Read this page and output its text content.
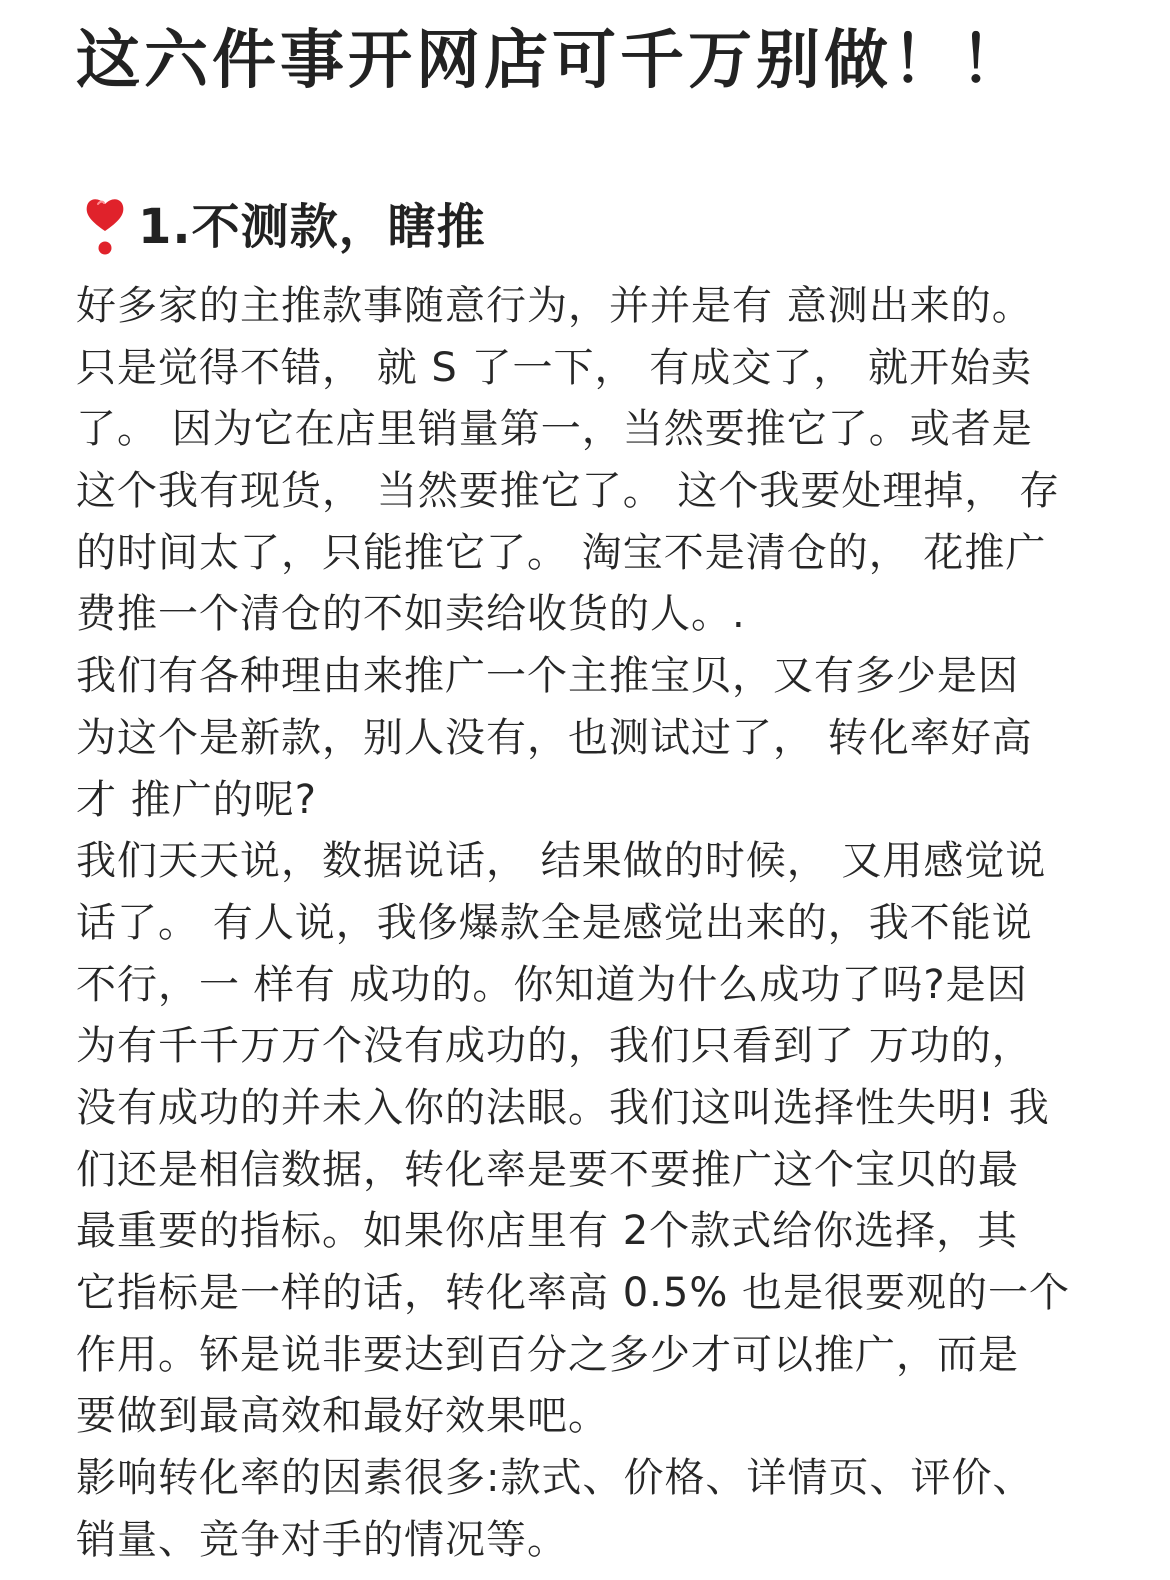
这六件事开网店可千万别做！！
1.不测款，瞎推
好多家的主推款事随意行为，并并是有 意测出来的。
只是觉得不错， 就 S 了一下， 有成交了， 就开始卖
了。 因为它在店里销量第一，当然要推它了。或者是
这个我有现货， 当然要推它了。 这个我要处理掉， 存
的时间太了，只能推它了。 淘宝不是清仓的， 花推广
费推一个清仓的不如卖给收货的人。.
我们有各种理由来推广一个主推宝贝，又有多少是因
为这个是新款，别人没有，也测试过了， 转化率好高
才 推广的呢?
我们天天说，数据说话， 结果做的时候， 又用感觉说
话了。 有人说，我侈爆款全是感觉出来的，我不能说
不行，一 样有 成功的。你知道为什么成功了吗?是因
为有千千万万个没有成功的，我们只看到了 万功的，
没有成功的并未入你的法眼。我们这叫选择性失明! 我
们还是相信数据，转化率是要不要推广这个宝贝的最
最重要的指标。如果你店里有 2个款式给你选择，其
它指标是一样的话，转化率高 0.5% 也是很要观的一个
作用。钚是说非要达到百分之多少才可以推广，而是
要做到最高效和最好效果吧。
影响转化率的因素很多:款式、价格、详情页、评价、
销量、竞争对手的情况等。
